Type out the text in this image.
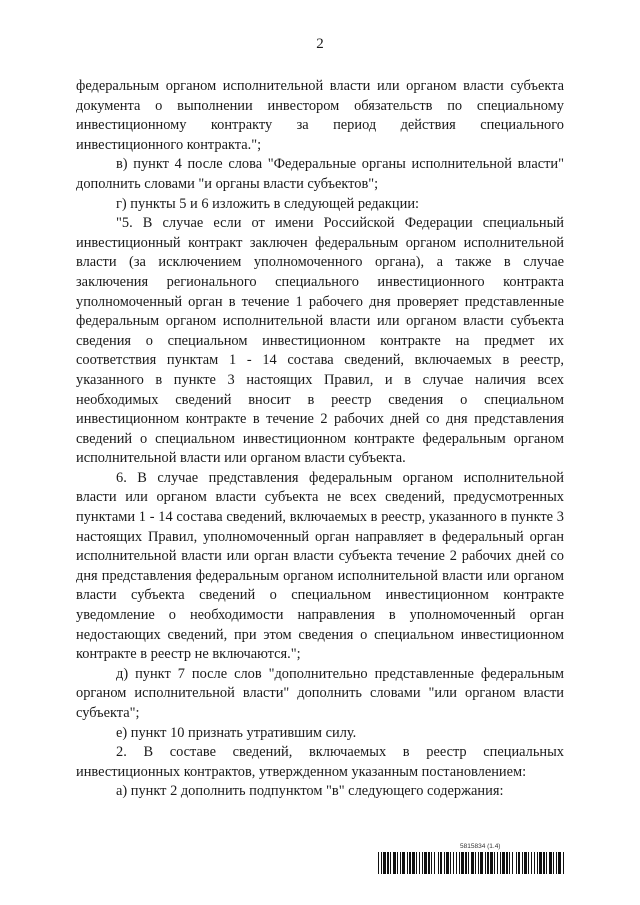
2

федеральным органом исполнительной власти или органом власти субъекта документа о выполнении инвестором обязательств по специальному инвестиционному контракту за период действия специального инвестиционного контракта.";

в) пункт 4 после слова "Федеральные органы исполнительной власти" дополнить словами "и органы власти субъектов";

г) пункты 5 и 6 изложить в следующей редакции:

"5. В случае если от имени Российской Федерации специальный инвестиционный контракт заключен федеральным органом исполнительной власти (за исключением уполномоченного органа), а также в случае заключения регионального специального инвестиционного контракта уполномоченный орган в течение 1 рабочего дня проверяет представленные федеральным органом исполнительной власти или органом власти субъекта сведения о специальном инвестиционном контракте на предмет их соответствия пунктам 1 - 14 состава сведений, включаемых в реестр, указанного в пункте 3 настоящих Правил, и в случае наличия всех необходимых сведений вносит в реестр сведения о специальном инвестиционном контракте в течение 2 рабочих дней со дня представления сведений о специальном инвестиционном контракте федеральным органом исполнительной власти или органом власти субъекта.

6. В случае представления федеральным органом исполнительной власти или органом власти субъекта не всех сведений, предусмотренных пунктами 1 - 14 состава сведений, включаемых в реестр, указанного в пункте 3 настоящих Правил, уполномоченный орган направляет в федеральный орган исполнительной власти или орган власти субъекта течение 2 рабочих дней со дня представления федеральным органом исполнительной власти или органом власти субъекта сведений о специальном инвестиционном контракте уведомление о необходимости направления в уполномоченный орган недостающих сведений, при этом сведения о специальном инвестиционном контракте в реестр не включаются.";

д) пункт 7 после слов "дополнительно представленные федеральным органом исполнительной власти" дополнить словами "или органом власти субъекта";

е) пункт 10 признать утратившим силу.

2. В составе сведений, включаемых в реестр специальных инвестиционных контрактов, утвержденном указанным постановлением:

а) пункт 2 дополнить подпунктом "в" следующего содержания:

5815834 (1.4)
